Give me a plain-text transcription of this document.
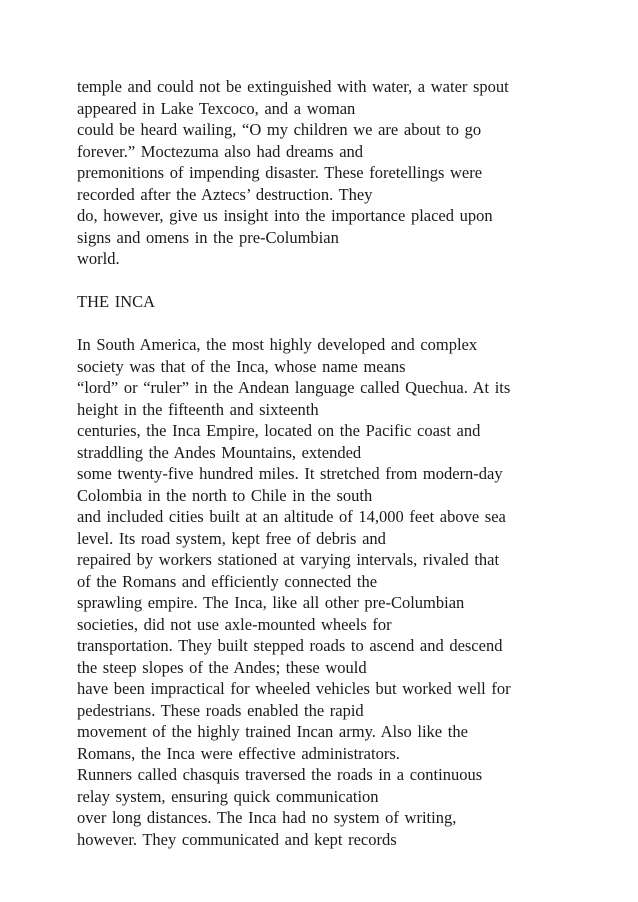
temple and could not be extinguished with water, a water spout
appeared in Lake Texcoco, and a woman
could be heard wailing, “O my children we are about to go
forever.” Moctezuma also had dreams and
premonitions of impending disaster. These foretellings were
recorded after the Aztecs’ destruction. They
do, however, give us insight into the importance placed upon
signs and omens in the pre-Columbian
world.
THE INCA
In South America, the most highly developed and complex
society was that of the Inca, whose name means
“lord” or “ruler” in the Andean language called Quechua. At its
height in the fifteenth and sixteenth
centuries, the Inca Empire, located on the Pacific coast and
straddling the Andes Mountains, extended
some twenty-five hundred miles. It stretched from modern-day
Colombia in the north to Chile in the south
and included cities built at an altitude of 14,000 feet above sea
level. Its road system, kept free of debris and
repaired by workers stationed at varying intervals, rivaled that
of the Romans and efficiently connected the
sprawling empire. The Inca, like all other pre-Columbian
societies, did not use axle-mounted wheels for
transportation. They built stepped roads to ascend and descend
the steep slopes of the Andes; these would
have been impractical for wheeled vehicles but worked well for
pedestrians. These roads enabled the rapid
movement of the highly trained Incan army. Also like the
Romans, the Inca were effective administrators.
Runners called chasquis traversed the roads in a continuous
relay system, ensuring quick communication
over long distances. The Inca had no system of writing,
however. They communicated and kept records
